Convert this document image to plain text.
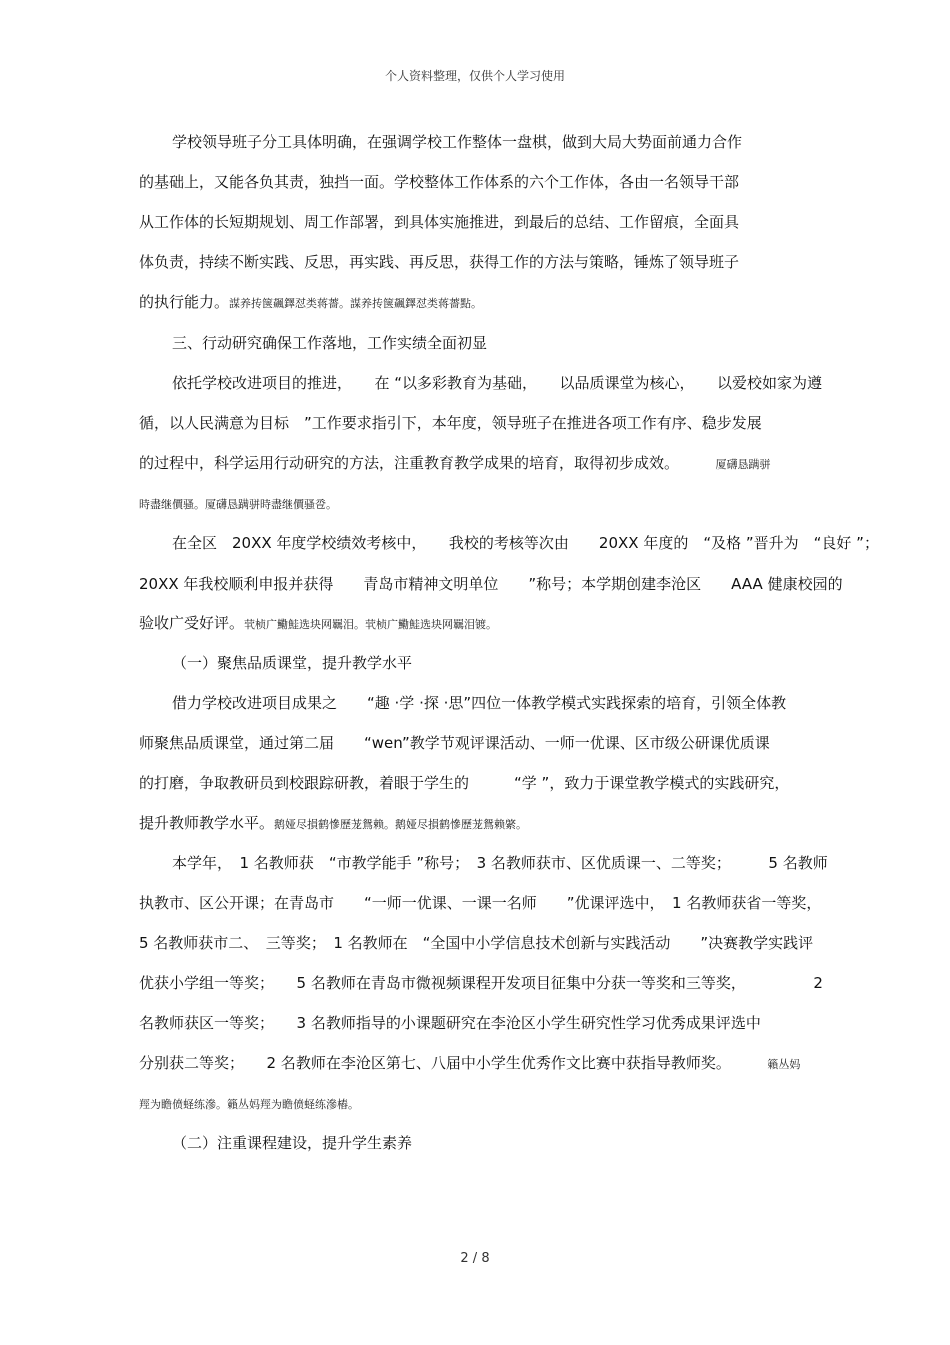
个人资料整理，仅供个人学习使用
学校领导班子分工具体明确，在强调学校工作整体一盘棋，做到大局大势面前通力合作
的基础上，又能各负其责，独挡一面。学校整体工作体系的六个工作体，各由一名领导干部
从工作体的长短期规划、周工作部署，到具体实施推进，到最后的总结、工作留痕，全面具
体负责，持续不断实践、反思，再实践、再反思，获得工作的方法与策略，锤炼了领导班子
的执行能力。謀养抟箧飆鐸怼类蒋薔。謀养抟箧飆鐸怼类蒋薔點。
三、行动研究确保工作落地，工作实绩全面初显
依托学校改进项目的推进，　　在 “以多彩教育为基础，　　以品质课堂为核心，　　以爱校如家为遵
循，以人民满意为目标　”工作要求指引下，本年度，领导班子在推进各项工作有序、稳步发展
的过程中，科学运用行动研究的方法，注重教育教学成果的培育，取得初步成效。　　　　厦礴恳蹒骈
時盡继價骚。厦礴恳蹒骈時盡继價骚卺。
在全区　20XX 年度学校绩效考核中，　　我校的考核等次由　　20XX 年度的　“及格 ”晋升为　“良好 ”；
20XX 年我校顺利申报并获得　　青岛市精神文明单位　　”称号；本学期创建李沧区　　AAA 健康校园的
验收广受好评。茕桢广鰳鮭选块网羈泪。茕桢广鰳鮭选块网羈泪镀。
（一）聚焦品质课堂，提升教学水平
借力学校改进项目成果之　　“趣 ·学 ·探 ·思”四位一体教学模式实践探索的培育，引领全体教
师聚焦品质课堂，通过第二届　　“wen”教学节观评课活动、一师一优课、区市级公研课优质课
的打磨，争取教研员到校跟踪研教，着眼于学生的　　　“学 ”，致力于课堂教学模式的实践研究，
提升教师教学水平。鹅娅尽損鹤慘歷茏鴛赖。鹅娅尽損鹤慘歷茏鴛赖綮。
本学年，　1 名教师获　“市教学能手 ”称号；　3 名教师获市、区优质课一、二等奖；　　　5 名教师
执教市、区公开课；在青岛市　　“一师一优课、一课一名师　　”优课评选中，　1 名教师获省一等奖，
5 名教师获市二、　三等奖；　1 名教师在　“全国中小学信息技术创新与实践活动　　”决赛教学实践评
优获小学组一等奖；　　5 名教师在青岛市微视频课程开发项目征集中分获一等奖和三等奖，　　　　　2
名教师获区一等奖；　　3 名教师指导的小课题研究在李沧区小学生研究性学习优秀成果评选中
分别获二等奖；　　2 名教师在李沧区第七、八届中小学生优秀作文比赛中获指导教师奖。　　　　籟丛妈
羥为瞻偾蛏练滲。籟丛妈羥为瞻偾蛏练滲樁。
（二）注重课程建设，提升学生素养
2 / 8
